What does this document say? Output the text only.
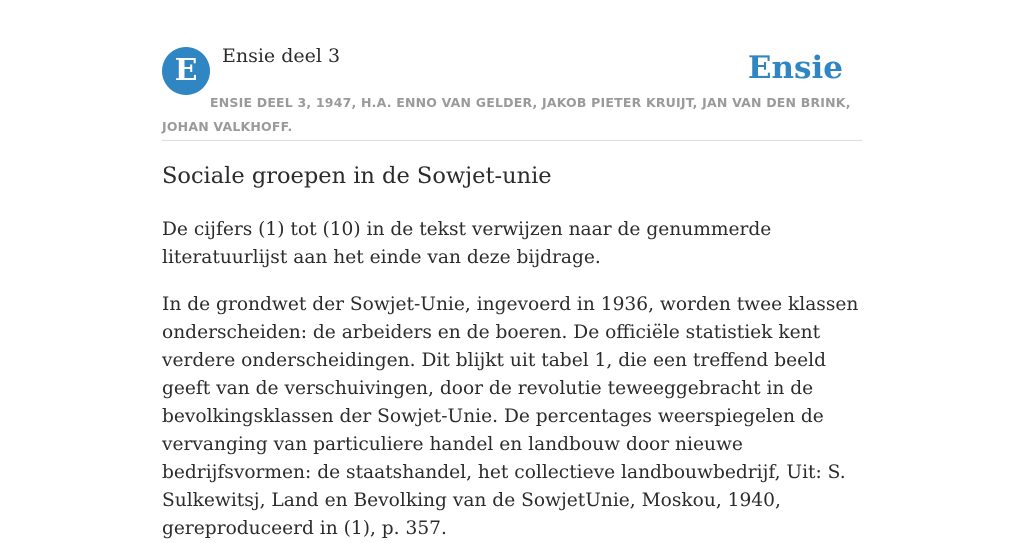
E	Ensie deel 3	Ensie
ENSIE DEEL 3, 1947, H.A. ENNO VAN GELDER, JAKOB PIETER KRUIJT, JAN VAN DEN BRINK, JOHAN VALKHOFF.
Sociale groepen in de Sowjet-unie

De cijfers (1) tot (10) in de tekst verwijzen naar de genummerde literatuurlijst aan het einde van deze bijdrage.

In de grondwet der Sowjet-Unie, ingevoerd in 1936, worden twee klassen onderscheiden: de arbeiders en de boeren. De officiële statistiek kent verdere onderscheidingen. Dit blijkt uit tabel 1, die een treffend beeld geeft van de verschuivingen, door de revolutie teweeggebracht in de bevolkingsklassen der Sowjet-Unie. De percentages weerspiegelen de vervanging van particuliere handel en landbouw door nieuwe bedrijfsvormen: de staatshandel, het collectieve landbouwbedrijf, Uit: S. Sulkewitsj, Land en Bevolking van de SowjetUnie, Moskou, 1940, gereproduceerd in (1), p. 357.
